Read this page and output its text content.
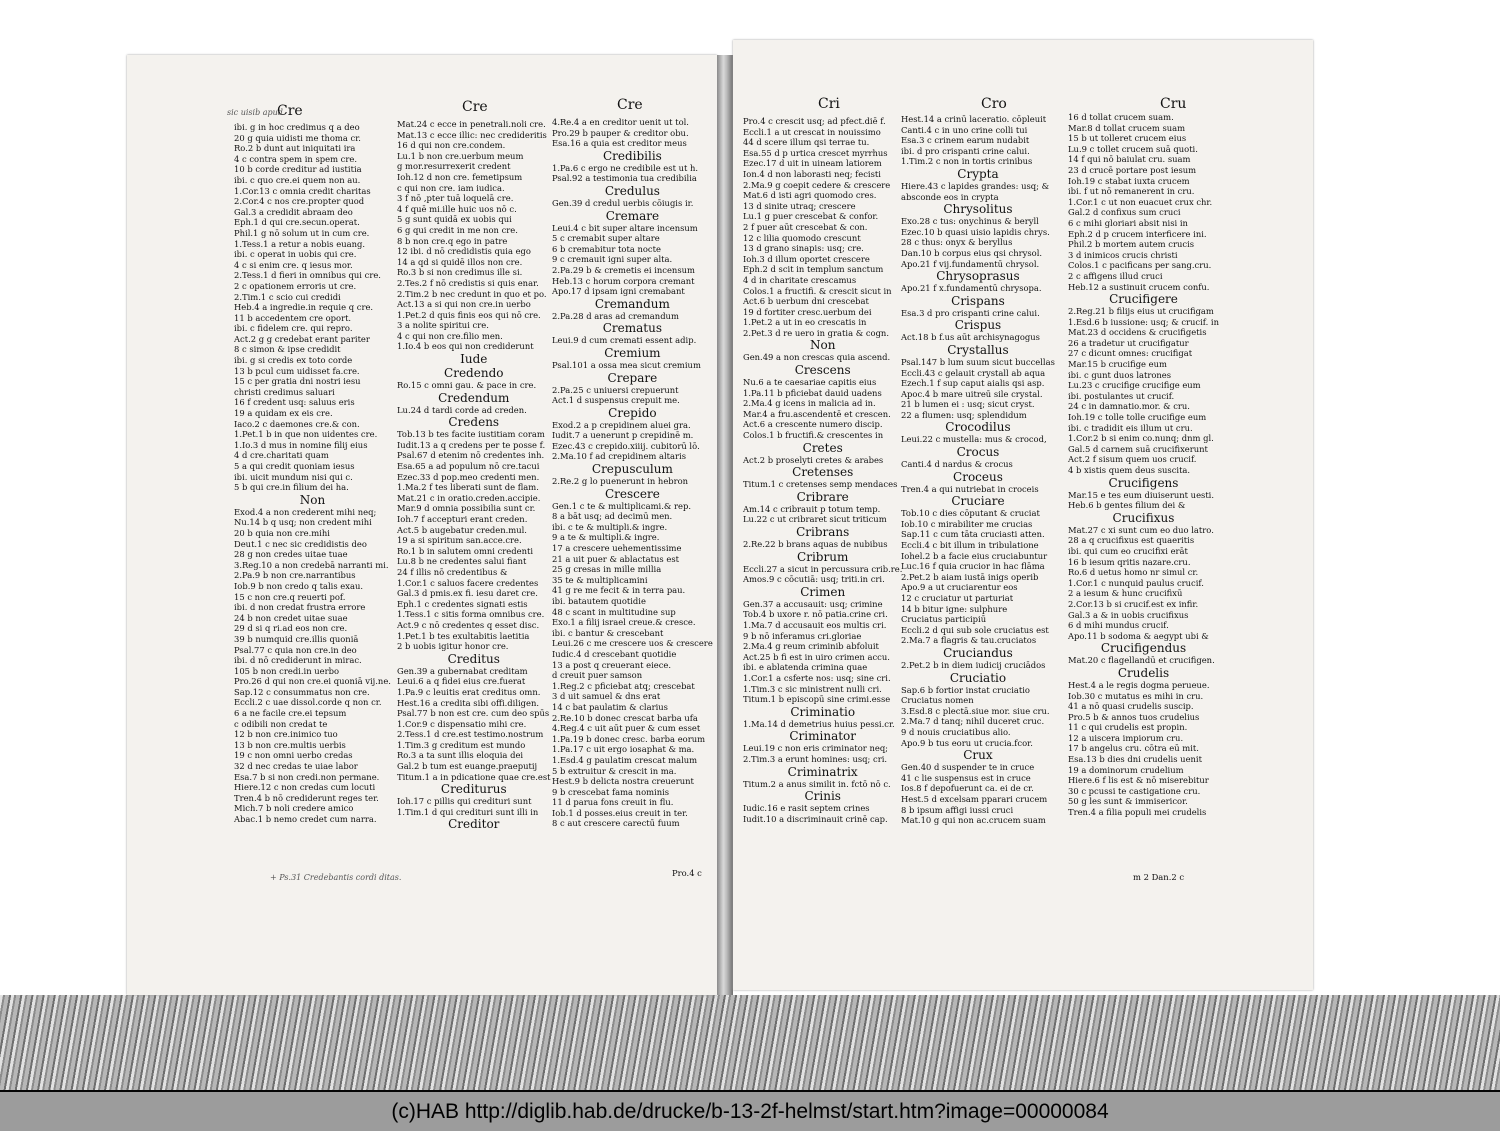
Cre	Cre	Cre
sic uisib apud
ibi. g in hoc credimus q a deo
20 g quia uidisti me thoma cr.
Ro.2 b dunt aut iniquitati ira
4 c contra spem in spem cre.
10 b corde creditur ad iustitia
ibi. c quo cre.ei quem non au.
1.Cor.13 c omnia credit charitas
2.Cor.4 c nos cre.propter quod
Gal.3 a credidit abraam deo
Eph.1 d qui cre.secun.operat.
Phil.1 g nō solum ut in cum cre.
1.Tess.1 a retur a nobis euang.
ibi. c operat in uobis qui cre.
4 c si enim cre. q iesus mor.
2.Tess.1 d fieri in omnibus qui cre.
2 c opationem erroris ut cre.
2.Tim.1 c scio cui credidi
Heb.4 a ingredie.in requie q cre.
11 b accedentem cre oport.
ibi. c fidelem cre. qui repro.
Act.2 g g credebat erant pariter
8 c simon & ipse credidit
ibi. g si credis ex toto corde
13 b pcul cum uidisset fa.cre.
15 c per gratia dni nostri iesu
christi credimus saluari
16 f credent usq: saluus eris
19 a quidam ex eis cre.
Iaco.2 c daemones cre.& con.
1.Pet.1 b in que non uidentes cre.
1.Io.3 d mus in nomine filij eius
4 d cre.charitati quam
5 a qui credit quoniam iesus
ibi. uicit mundum nisi qui c.
5 b qui cre.in filium dei ha.
Non
Exod.4 a non crederent mihi neq;
Nu.14 b q usq; non credent mihi
20 b quia non cre.mihi
Deut.1 c nec sic credidistis deo
28 g non credes uitae tuae
3.Reg.10 a non credebā narranti mi.
2.Pa.9 b non cre.narrantibus
Iob.9 b non credo q talis exau.
15 c non cre.q reuerti pof.
ibi. d non credat frustra errore
24 b non credet uitae suae
29 d si q ri.ad eos non cre.
39 b numquid cre.illis quoniā
Psal.77 c quia non cre.in deo
ibi. d nō crediderunt in mirac.
105 b non credi.in uerbo
Pro.26 d qui non cre.ei quoniā vij.ne.
Sap.12 c consummatus non cre.
Eccli.2 c uae dissol.corde q non cr.
6 a ne facile cre.ei tepsum
c odibili non credat te
12 b non cre.inimico tuo
13 b non cre.multis uerbis
19 c non omni uerbo credas
32 d nec credas te uiae labor
Esa.7 b si non credi.non permane.
Hiere.12 c non credas cum locuti
Tren.4 b nō crediderunt reges ter.
Mich.7 b noli credere amico
Abac.1 b nemo credet cum narra.
Mat.24 c ecce in penetrali.noli cre.
Mat.13 c ecce illic: nec credideritis
16 d qui non cre.condem.
Lu.1 b non cre.uerbum meum
g mor.resurrexerit credent
Ioh.12 d non cre. femetipsum
c qui non cre. iam iudica.
3 f nō ,pter tuā loquelā cre.
4 f quē mi.ille huic uos nō c.
5 g sunt quidā ex uobis qui
6 g qui credit in me non cre.
8 b non cre.q ego in patre
12 ibi. d nō credidistis quia ego
14 a qd si quidē illos non cre.
Ro.3 b si non credimus ille si.
2.Tes.2 f nō credistis si quis enar.
2.Tim.2 b nec credunt in quo et po.
Act.13 a si qui non cre.in uerbo
1.Pet.2 d quis finis eos qui nō cre.
3 a nolite spiritui cre.
4 c qui non cre.filio men.
1.Io.4 b eos qui non crediderunt
Iude
Credendo
Ro.15 c omni gau. & pace in cre.
Credendum
Lu.24 d tardi corde ad creden.
Credens
Tob.13 b tes facite iustitiam coram
Iudit.13 a q credens per te posse f.
Psal.67 d etenim nō credentes inh.
Esa.65 a ad populum nō cre.tacui
Ezec.33 d pop.meo credenti men.
1.Ma.2 f tes liberati sunt de flam.
Mat.21 c in oratio.creden.accipie.
Mar.9 d omnia possibilia sunt cr.
Ioh.7 f accepturi erant creden.
Act.5 b augebatur creden.mul.
19 a si spiritum san.acce.cre.
Ro.1 b in salutem omni credenti
Lu.8 b ne credentes salui fiant
24 f illis nō credentibus &
1.Cor.1 c saluos facere credentes
Gal.3 d pmis.ex fi. iesu daret cre.
Eph.1 c credentes signati estis
1.Tess.1 c sitis forma omnibus cre.
Act.9 c nō credentes q esset disc.
1.Pet.1 b tes exultabitis laetitia
2 b uobis igitur honor cre.
Creditus
Gen.39 a gubernabat creditam
Leui.6 a q fidei eius cre.fuerat
1.Pa.9 c leuitis erat creditus omn.
Hest.16 a credita sibi offi.diligen.
Psal.77 b non est cre. cum deo spūs
1.Cor.9 c dispensatio mihi cre.
2.Tess.1 d cre.est testimo.nostrum
1.Tim.3 g creditum est mundo
Ro.3 a ta sunt illis eloquia dei
Gal.2 b tum est euange.praeputij
Titum.1 a in pdicatione quae cre.est
Crediturus
Ioh.17 c pillis qui credituri sunt
1.Tim.1 d qui credituri sunt illi in
Creditor
4.Re.4 a en creditor uenit ut tol.
Pro.29 b pauper & creditor obu.
Esa.16 a quia est creditor meus
Credibilis
1.Pa.6 c ergo ne credibile est ut h.
Psal.92 a testimonia tua credibilia
Credulus
Gen.39 d credul uerbis cōiugis ir.
Cremare
Leui.4 c bit super altare incensum
5 c cremabit super altare
6 b cremabitur tota nocte
9 c cremauit igni super alta.
2.Pa.29 b & cremetis ei incensum
Heb.13 c horum corpora cremant
Apo.17 d ipsam igni cremabant
Cremandum
2.Pa.28 d aras ad cremandum
Crematus
Leui.9 d cum cremati essent adip.
Cremium
Psal.101 a ossa mea sicut cremium
Crepare
2.Pa.25 c uniuersi crepuerunt
Act.1 d suspensus crepuit me.
Crepido
Exod.2 a p crepidinem aluei gra.
Iudit.7 a uenerunt p crepidinē m.
Ezec.43 c crepido.xiiij. cubitorū lō.
2.Ma.10 f ad crepidinem altaris
Crepusculum
2.Re.2 g lo puenerunt in hebron
Crescere
Gen.1 c te & multiplicami.& rep.
8 a bāt usq; ad decimū men.
ibi. c te & multipli.& ingre.
9 a te & multipli.& ingre.
17 a crescere uehementissime
21 a uit puer & ablactatus est
25 g cresas in mille millia
35 te & multiplicamini
41 g re me fecit & in terra pau.
ibi. batautem quotidie
48 c scant in multitudine sup
Exo.1 a filij israel creue.& cresce.
ibi. c bantur & crescebant
Leui.26 c me crescere uos & crescere
Iudic.4 d crescebant quotidie
13 a post q creuerant eiece.
d creuit puer samson
1.Reg.2 c pficiebat atq; crescebat
3 d uit samuel & dns erat
14 c bat paulatim & clarius
2.Re.10 b donec crescat barba ufa
4.Reg.4 c uit aūt puer & cum esset
1.Pa.19 b donec cresc. barba eorum
1.Pa.17 c uit ergo iosaphat & ma.
1.Esd.4 g paulatim crescat malum
5 b extruitur & crescit in ma.
Hest.9 b delicta nostra creuerunt
9 b crescebat fama nominis
11 d parua fons creuit in flu.
Iob.1 d posses.eius creuit in ter.
8 c aut crescere carectū fuum
+ Ps.31 Credebantis cordi ditas.	Pro.4 c
Cri	Cro	Cru
Pro.4 c crescit usq; ad pfect.diē f.
Eccli.1 a ut crescat in nouissimo
44 d scere illum qsi terrae tu.
Esa.55 d p urtica crescet myrrhus
Ezec.17 d uit in uineam latiorem
Ion.4 d non laborasti neq; fecisti
2.Ma.9 g coepit cedere & crescere
Mat.6 d isti agri quomodo cres.
13 d sinite utraq; crescere
Lu.1 g puer crescebat & confor.
2 f puer aūt crescebat & con.
12 c lilia quomodo crescunt
13 d grano sinapis: usq; cre.
Ioh.3 d illum oportet crescere
Eph.2 d scit in templum sanctum
4 d in charitate crescamus
Colos.1 a fructifi. & crescit sicut in
Act.6 b uerbum dni crescebat
19 d fortiter cresc.uerbum dei
1.Pet.2 a ut in eo crescatis in
2.Pet.3 d re uero in gratia & cogn.
Non
Gen.49 a non crescas quia ascend.
Crescens
Nu.6 a te caesariae capitis eius
1.Pa.11 b pficiebat dauid uadens
2.Ma.4 g icens in malicia ad in.
Mar.4 a fru.ascendentē et crescen.
Act.6 a crescente numero discip.
Colos.1 b fructifi.& crescentes in
Cretes
Act.2 b proselyti cretes & arabes
Cretenses
Titum.1 c cretenses semp mendaces
Cribrare
Am.14 c cribrauit p totum temp.
Lu.22 c ut cribraret sicut triticum
Cribrans
2.Re.22 b brans aquas de nubibus
Cribrum
Eccli.27 a sicut in percussura crib.re.
Amos.9 c cōcutiā: usq; triti.in cri.
Crimen
Gen.37 a accusauit: usq; crimine
Tob.4 b uxore r. nō patia.crine cri.
1.Ma.7 d accusauit eos multis cri.
9 b nō inferamus cri.gloriae
2.Ma.4 g reum criminib abfoluit
Act.25 b fi est in uiro crimen accu.
ibi. e ablatenda crimina quae
1.Cor.1 a csferte nos: usq; sine cri.
1.Tim.3 c sic ministrent nulli cri.
Titum.1 b episcopū sine crimi.esse
Criminatio
1.Ma.14 d demetrius huius pessi.cr.
Criminator
Leui.19 c non eris criminator neq;
2.Tim.3 a erunt homines: usq; cri.
Criminatrix
Titum.2 a anus similit in. fctō nō c.
Crinis
Iudic.16 e rasit septem crines
Iudit.10 a discriminauit crinē cap.
Hest.14 a crinū laceratio. cōpleuit
Canti.4 c in uno crine colli tui
Esa.3 c crinem earum nudabit
ibi. d pro crispanti crine calui.
1.Tim.2 c non in tortis crinibus
Crypta
Hiere.43 c lapides grandes: usq; &
absconde eos in crypta
Chrysolitus
Exo.28 c tus: onychinus & beryll
Ezec.10 b quasi uisio lapidis chrys.
28 c thus: onyx & beryllus
Dan.10 b corpus eius qsi chrysol.
Apo.21 f vij.fundamentū chrysol.
Chrysoprasus
Apo.21 f x.fundamentū chrysopa.
Crispans
Esa.3 d pro crispanti crine calui.
Crispus
Act.18 b f.us aūt archisynagogus
Crystallus
Psal.147 b lum suum sicut buccellas
Eccli.43 c gelauit crystall ab aqua
Ezech.1 f sup caput aialis qsi asp.
Apoc.4 b mare uitreū sile crystal.
21 b lumen ei : usq; sicut cryst.
22 a flumen: usq; splendidum
Crocodilus
Leui.22 c mustella: mus & crocod,
Crocus
Canti.4 d nardus & crocus
Croceus
Tren.4 a qui nutriebat in croceis
Cruciare
Tob.10 c dies cōputant & cruciat
Iob.10 c mirabiliter me crucias
Sap.11 c cum tāta cruciasti atten.
Eccli.4 c bit illum in tribulatione
Iohel.2 b a facie eius cruciabuntur
Luc.16 f quia crucior in hac flāma
2.Pet.2 b aiam iustā inigs operib
Apo.9 a ut cruciarentur eos
12 c cruciatur ut parturiat
14 b bitur igne: sulphure
Cruciatus participiū
Eccli.2 d qui sub sole cruciatus est
2.Ma.7 a flagris & tau.cruciatos
Cruciandus
2.Pet.2 b in diem iudicij cruciādos
Cruciatio
Sap.6 b fortior instat cruciatio
Cruciatus nomen
3.Esd.8 c plectā.siue mor. siue cru.
2.Ma.7 d tanq; nihil duceret cruc.
9 d nouis cruciatibus alio.
Apo.9 b tus eoru ut crucia.fcor.
Crux
Gen.40 d suspender te in cruce
41 c lie suspensus est in cruce
Ios.8 f depofuerunt ca. ei de cr.
Hest.5 d excelsam pparari crucem
8 b ipsum affigi iussi cruci
Mat.10 g qui non ac.crucem suam
16 d tollat crucem suam.
Mar.8 d tollat crucem suam
15 b ut tolleret crucem eius
Lu.9 c tollet crucem suā quoti.
14 f qui nō baiulat cru. suam
23 d crucē portare post iesum
Ioh.19 c stabat iuxta crucem
ibi. f ut nō remanerent in cru.
1.Cor.1 c ut non euacuet crux chr.
Gal.2 d confixus sum cruci
6 c mihi gloriari absit nisi in
Eph.2 d p crucem interficere ini.
Phil.2 b mortem autem crucis
3 d inimicos crucis christi
Colos.1 c pacificans per sang.cru.
2 c affigens illud cruci
Heb.12 a sustinuit crucem confu.
Crucifigere
2.Reg.21 b filijs eius ut crucifigam
1.Esd.6 b iussione: usq; & crucif. in
Mat.23 d occidens & crucifigetis
26 a tradetur ut crucifigatur
27 c dicunt omnes: crucifigat
Mar.15 b crucifige eum
ibi. c gunt duos latrones
Lu.23 c crucifige crucifige eum
ibi. postulantes ut crucif.
24 c in damnatio.mor. & cru.
Ioh.19 c tolle tolle crucifige eum
ibi. c tradidit eis illum ut cru.
1.Cor.2 b si enim co.nunq; dnm gl.
Gal.5 d carnem suā crucifixerunt
Act.2 f sisum quem uos crucif.
4 b xistis quem deus suscita.
Crucifigens
Mar.15 e tes eum diuiserunt uesti.
Heb.6 b gentes filium dei &
Crucifixus
Mat.27 c xi sunt cum eo duo latro.
28 a q crucifixus est quaeritis
ibi. qui cum eo crucifixi erāt
16 b iesum qritis nazare.cru.
Ro.6 d uetus homo nr simul cr.
1.Cor.1 c nunquid paulus crucif.
2 a iesum & hunc crucifixū
2.Cor.13 b si crucif.est ex infir.
Gal.3 a & in uobis crucifixus
6 d mihi mundus crucif.
Apo.11 b sodoma & aegypt ubi &
Crucifigendus
Mat.20 c flagellandū et crucifigen.
Crudelis
Hest.4 a le regis dogma perueue.
Iob.30 c mutatus es mihi in cru.
41 a nō quasi crudelis suscip.
Pro.5 b & annos tuos crudelius
11 c qui crudelis est propin.
12 a uiscera impiorum cru.
17 b angelus cru. cōtra eū mit.
Esa.13 b dies dni crudelis uenit
19 a dominorum crudelium
Hiere.6 f lis est & nō miserebitur
30 c pcussi te castigatione cru.
50 g les sunt & immisericor.
Tren.4 a filia populi mei crudelis
m 2 Dan.2 c
(c)HAB http://diglib.hab.de/drucke/b-13-2f-helmst/start.htm?image=00000084
